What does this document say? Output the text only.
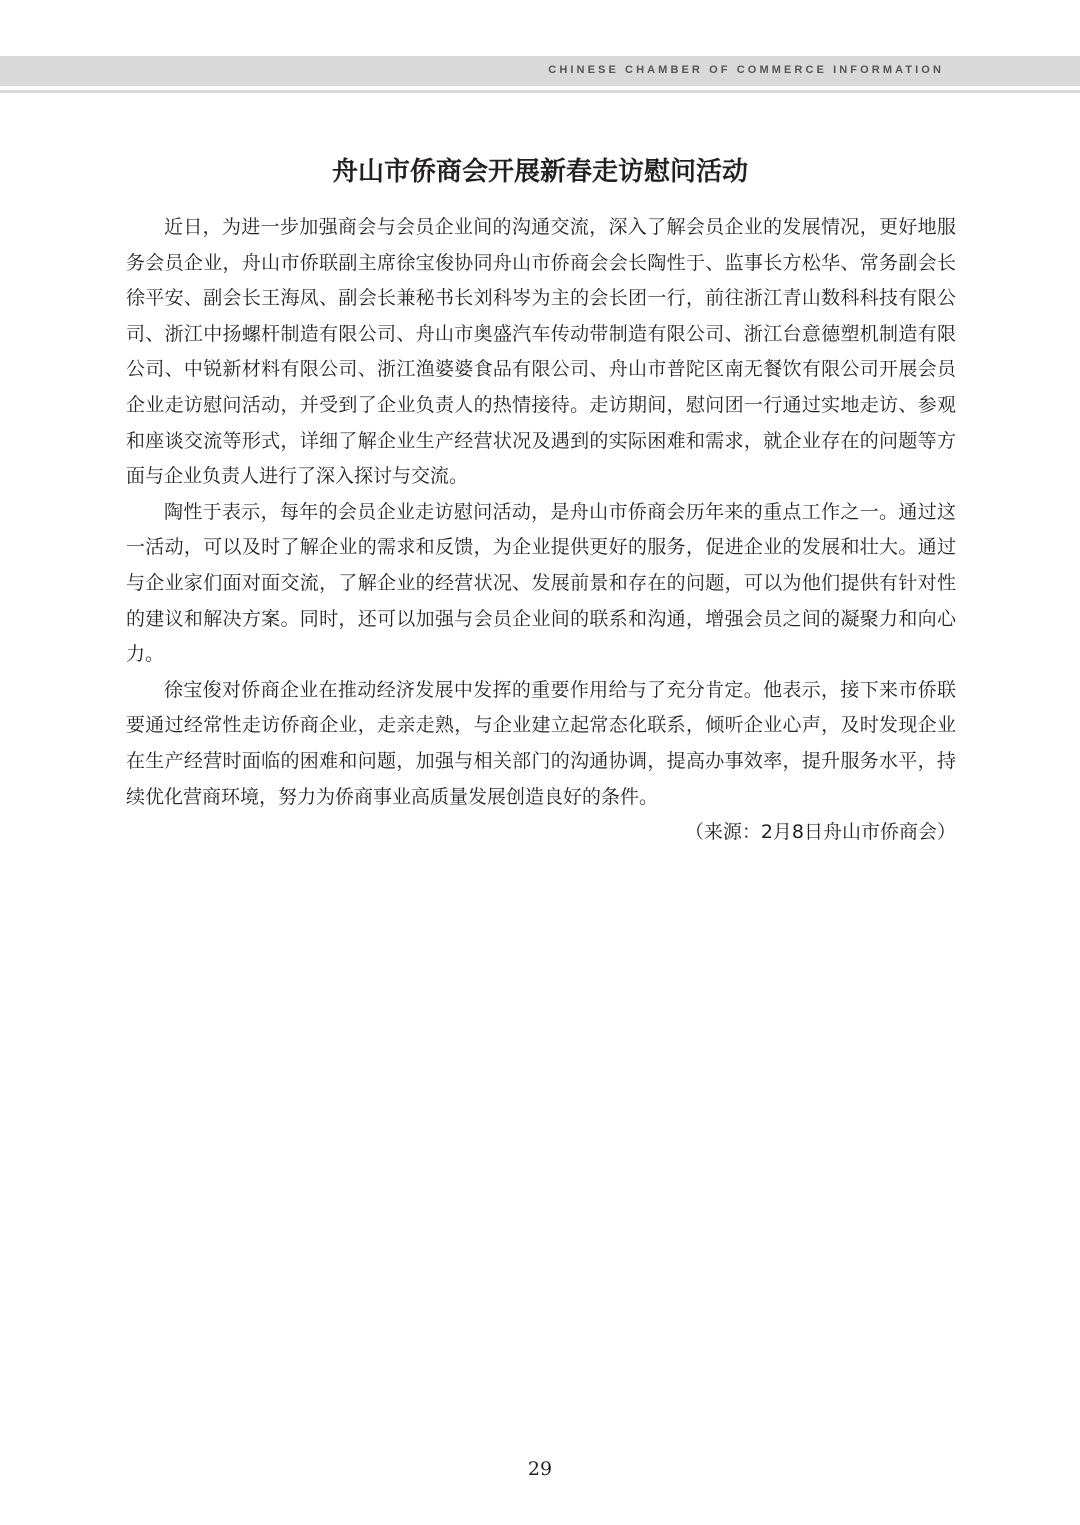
CHINESE CHAMBER OF COMMERCE INFORMATION
舟山市侨商会开展新春走访慰问活动

近日，为进一步加强商会与会员企业间的沟通交流，深入了解会员企业的发展情况，更好地服务会员企业，舟山市侨联副主席徐宝俊协同舟山市侨商会会长陶性于、监事长方松华、常务副会长徐平安、副会长王海凤、副会长兼秘书长刘科岑为主的会长团一行，前往浙江青山数科科技有限公司、浙江中扬螺杆制造有限公司、舟山市奥盛汽车传动带制造有限公司、浙江台意德塑机制造有限公司、中锐新材料有限公司、浙江渔婆婆食品有限公司、舟山市普陀区南无餐饮有限公司开展会员企业走访慰问活动，并受到了企业负责人的热情接待。走访期间，慰问团一行通过实地走访、参观和座谈交流等形式，详细了解企业生产经营状况及遇到的实际困难和需求，就企业存在的问题等方面与企业负责人进行了深入探讨与交流。

陶性于表示，每年的会员企业走访慰问活动，是舟山市侨商会历年来的重点工作之一。通过这一活动，可以及时了解企业的需求和反馈，为企业提供更好的服务，促进企业的发展和壮大。通过与企业家们面对面交流，了解企业的经营状况、发展前景和存在的问题，可以为他们提供有针对性的建议和解决方案。同时，还可以加强与会员企业间的联系和沟通，增强会员之间的凝聚力和向心力。

徐宝俊对侨商企业在推动经济发展中发挥的重要作用给与了充分肯定。他表示，接下来市侨联要通过经常性走访侨商企业，走亲走熟，与企业建立起常态化联系，倾听企业心声，及时发现企业在生产经营时面临的困难和问题，加强与相关部门的沟通协调，提高办事效率，提升服务水平，持续优化营商环境，努力为侨商事业高质量发展创造良好的条件。

（来源：2月8日舟山市侨商会）

29
